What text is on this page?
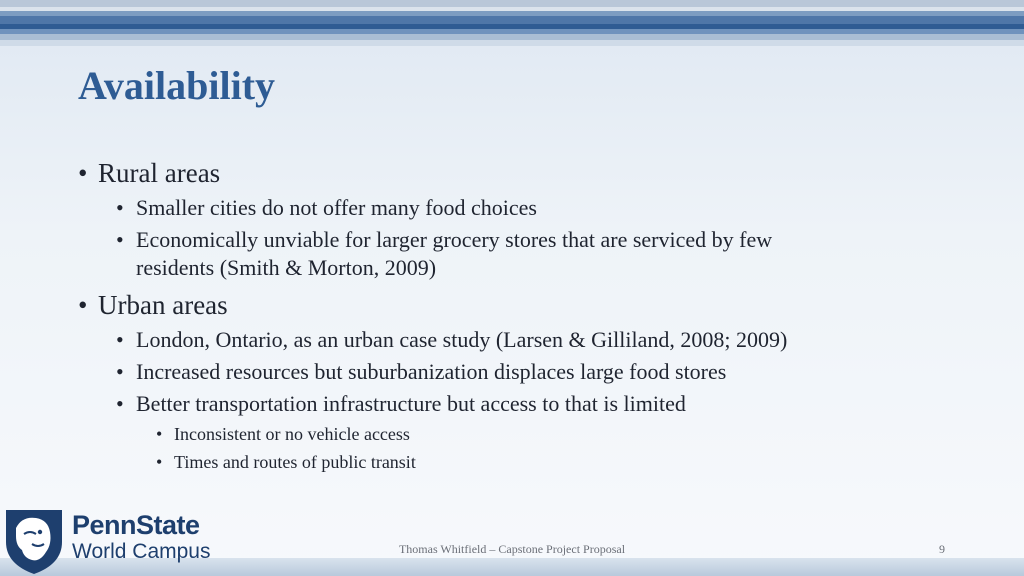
Availability
• Rural areas
• Smaller cities do not offer many food choices
• Economically unviable for larger grocery stores that are serviced by few
residents (Smith & Morton, 2009)
• Urban areas
• London, Ontario, as an urban case study (Larsen & Gilliland, 2008; 2009)
• Increased resources but suburbanization displaces large food stores
• Better transportation infrastructure but access to that is limited
• Inconsistent or no vehicle access
• Times and routes of public transit
PennState
World Campus	Thomas Whitfield – Capstone Project Proposal	9
